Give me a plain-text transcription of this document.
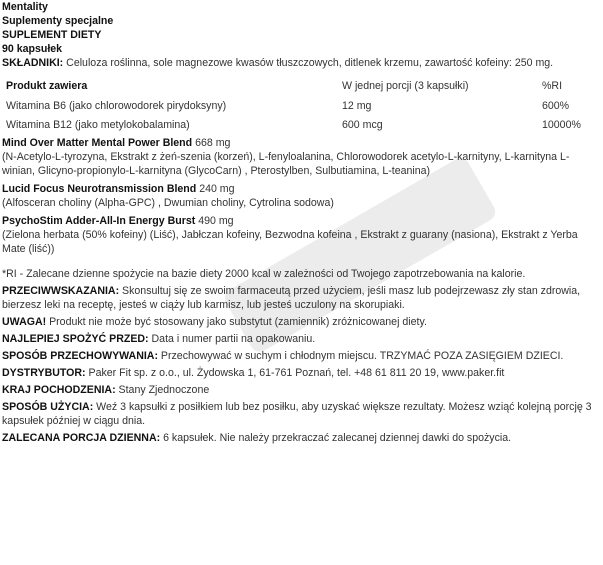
Mentality
Suplementy specjalne
SUPLEMENT DIETY
90 kapsułek
SKŁADNIKI: Celuloza roślinna, sole magnezowe kwasów tłuszczowych, ditlenek krzemu, zawartość kofeiny: 250 mg.
Produkt zawiera	W jednej porcji (3 kapsułki)	%RI
Witamina B6 (jako chlorowodorek pirydoksyny)	12 mg	600%
Witamina B12 (jako metylokobalamina)	600 mcg	10000%
Mind Over Matter Mental Power Blend 668 mg
(N-Acetylo-L-tyrozyna, Ekstrakt z żeń-szenia (korzeń), L-fenyloalanina, Chlorowodorek acetylo-L-karnityny, L-karnityna L-winian, Glicyno-propionylo-L-karnityna (GlycoCarn) , Pterostylben, Sulbutiamina, L-teanina)
Lucid Focus Neurotransmission Blend 240 mg
(Alfosceran choliny (Alpha-GPC) , Dwumian choliny, Cytrolina sodowa)
PsychoStim Adder-All-In Energy Burst 490 mg
(Zielona herbata (50% kofeiny) (Liść), Jabłczan kofeiny, Bezwodna kofeina , Ekstrakt z guarany (nasiona), Ekstrakt z Yerba Mate (liść))
*RI - Zalecane dzienne spożycie na bazie diety 2000 kcal w zależności od Twojego zapotrzebowania na kalorie.
PRZECIWWSKAZANIA: Skonsultuj się ze swoim farmaceutą przed użyciem, jeśli masz lub podejrzewasz zły stan zdrowia, bierzesz leki na receptę, jesteś w ciąży lub karmisz, lub jesteś uczulony na skorupiaki.
UWAGA! Produkt nie może być stosowany jako substytut (zamiennik) zróżnicowanej diety.
NAJLEPIEJ SPOŻYĆ PRZED: Data i numer partii na opakowaniu.
SPOSÓB PRZECHOWYWANIA: Przechowywać w suchym i chłodnym miejscu. TRZYMAĆ POZA ZASIĘGIEM DZIECI.
DYSTRYBUTOR: Paker Fit sp. z o.o., ul. Żydowska 1, 61-761 Poznań, tel. +48 61 811 20 19, www.paker.fit
KRAJ POCHODZENIA: Stany Zjednoczone
SPOSÓB UŻYCIA: Weź 3 kapsułki z posiłkiem lub bez posiłku, aby uzyskać większe rezultaty. Możesz wziąć kolejną porcję 3 kapsułek później w ciągu dnia.
ZALECANA PORCJA DZIENNA: 6 kapsułek. Nie należy przekraczać zalecanej dziennej dawki do spożycia.
